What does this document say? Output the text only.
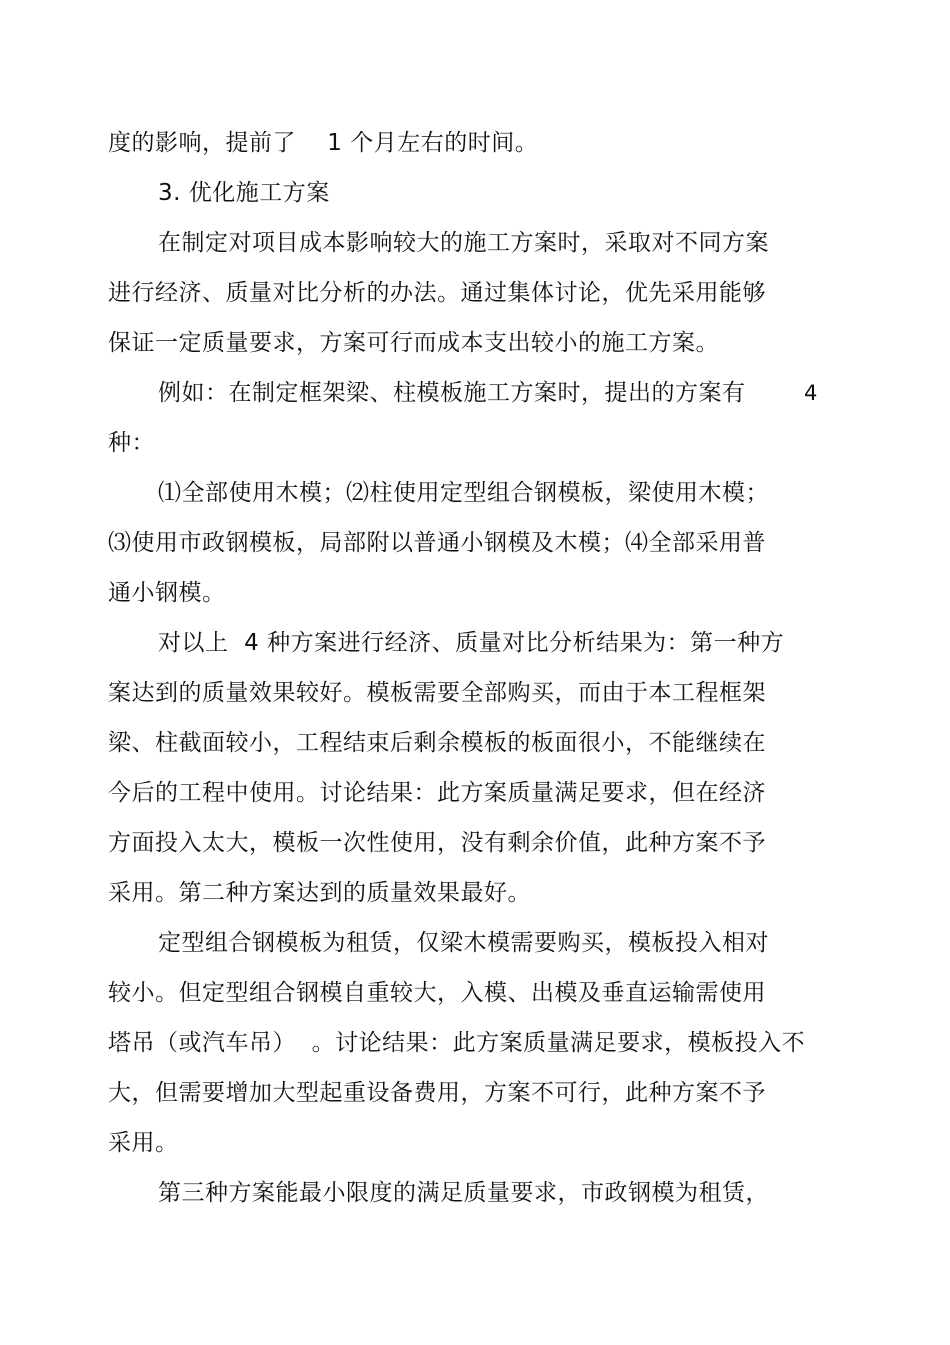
度的影响，提前了    1 个月左右的时间。
3. 优化施工方案
在制定对项目成本影响较大的施工方案时，采取对不同方案
进行经济、质量对比分析的办法。通过集体讨论，优先采用能够
保证一定质量要求，方案可行而成本支出较小的施工方案。
例如：在制定框架梁、柱模板施工方案时，提出的方案有	4
种：
⑴全部使用木模；⑵柱使用定型组合钢模板，梁使用木模；
⑶使用市政钢模板，局部附以普通小钢模及木模；⑷全部采用普
通小钢模。
对以上  4 种方案进行经济、质量对比分析结果为：第一种方
案达到的质量效果较好。模板需要全部购买，而由于本工程框架
梁、柱截面较小，工程结束后剩余模板的板面很小，不能继续在
今后的工程中使用。讨论结果：此方案质量满足要求，但在经济
方面投入太大，模板一次性使用，没有剩余价值，此种方案不予
采用。第二种方案达到的质量效果最好。
定型组合钢模板为租赁，仅梁木模需要购买，模板投入相对
较小。但定型组合钢模自重较大，入模、出模及垂直运输需使用
塔吊（或汽车吊）  。讨论结果：此方案质量满足要求，模板投入不
大，但需要增加大型起重设备费用，方案不可行，此种方案不予
采用。
第三种方案能最小限度的满足质量要求，市政钢模为租赁，
